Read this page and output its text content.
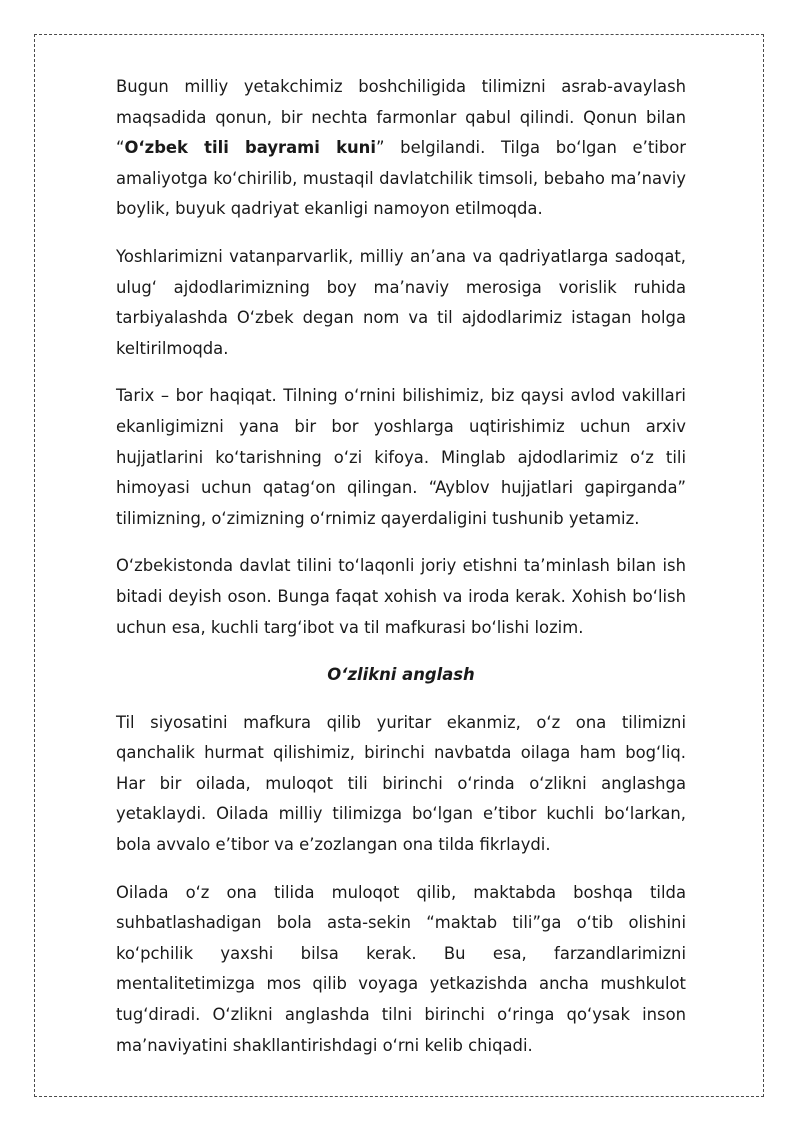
Bugun milliy yetakchimiz boshchiligida tilimizni asrab-avaylash maqsadida qonun, bir nechta farmonlar qabul qilindi. Qonun bilan “O‘zbek tili bayrami kuni” belgilandi. Tilga bo‘lgan e’tibor amaliyotga ko‘chirilib, mustaqil davlatchilik timsoli, bebaho ma’naviy boylik, buyuk qadriyat ekanligi namoyon etilmoqda.

Yoshlarimizni vatanparvarlik, milliy an’ana va qadriyatlarga sadoqat, ulug‘ ajdodlarimizning boy ma’naviy merosiga vorislik ruhida tarbiyalashda O‘zbek degan nom va til ajdodlarimiz istagan holga keltirilmoqda.

Tarix – bor haqiqat. Tilning o‘rnini bilishimiz, biz qaysi avlod vakillari ekanligimizni yana bir bor yoshlarga uqtirishimiz uchun arxiv hujjatlarini ko‘tarishning o‘zi kifoya. Minglab ajdodlarimiz o‘z tili himoyasi uchun qatag‘on qilingan. “Ayblov hujjatlari gapirganda” tilimizning, o‘zimizning o‘rnimiz qayerdaligini tushunib yetamiz.

O‘zbekistonda davlat tilini to‘laqonli joriy etishni ta’minlash bilan ish bitadi deyish oson. Bunga faqat xohish va iroda kerak. Xohish bo‘lish uchun esa, kuchli targ‘ibot va til mafkurasi bo‘lishi lozim.

O‘zlikni anglash

Til siyosatini mafkura qilib yuritar ekanmiz, o‘z ona tilimizni qanchalik hurmat qilishimiz, birinchi navbatda oilaga ham bog‘liq. Har bir oilada, muloqot tili birinchi o‘rinda o‘zlikni anglashga yetaklaydi. Oilada milliy tilimizga bo‘lgan e’tibor kuchli bo‘larkan, bola avvalo e’tibor va e’zozlangan ona tilda fikrlaydi.

Oilada o‘z ona tilida muloqot qilib, maktabda boshqa tilda suhbatlashadigan bola asta-sekin “maktab tili”ga o‘tib olishini ko‘pchilik yaxshi bilsa kerak. Bu esa, farzandlarimizni mentalitetimizga mos qilib voyaga yetkazishda ancha mushkulot tug‘diradi. O‘zlikni anglashda tilni birinchi o‘ringa qo‘ysak inson ma’naviyatini shakllantirishdagi o‘rni kelib chiqadi.
